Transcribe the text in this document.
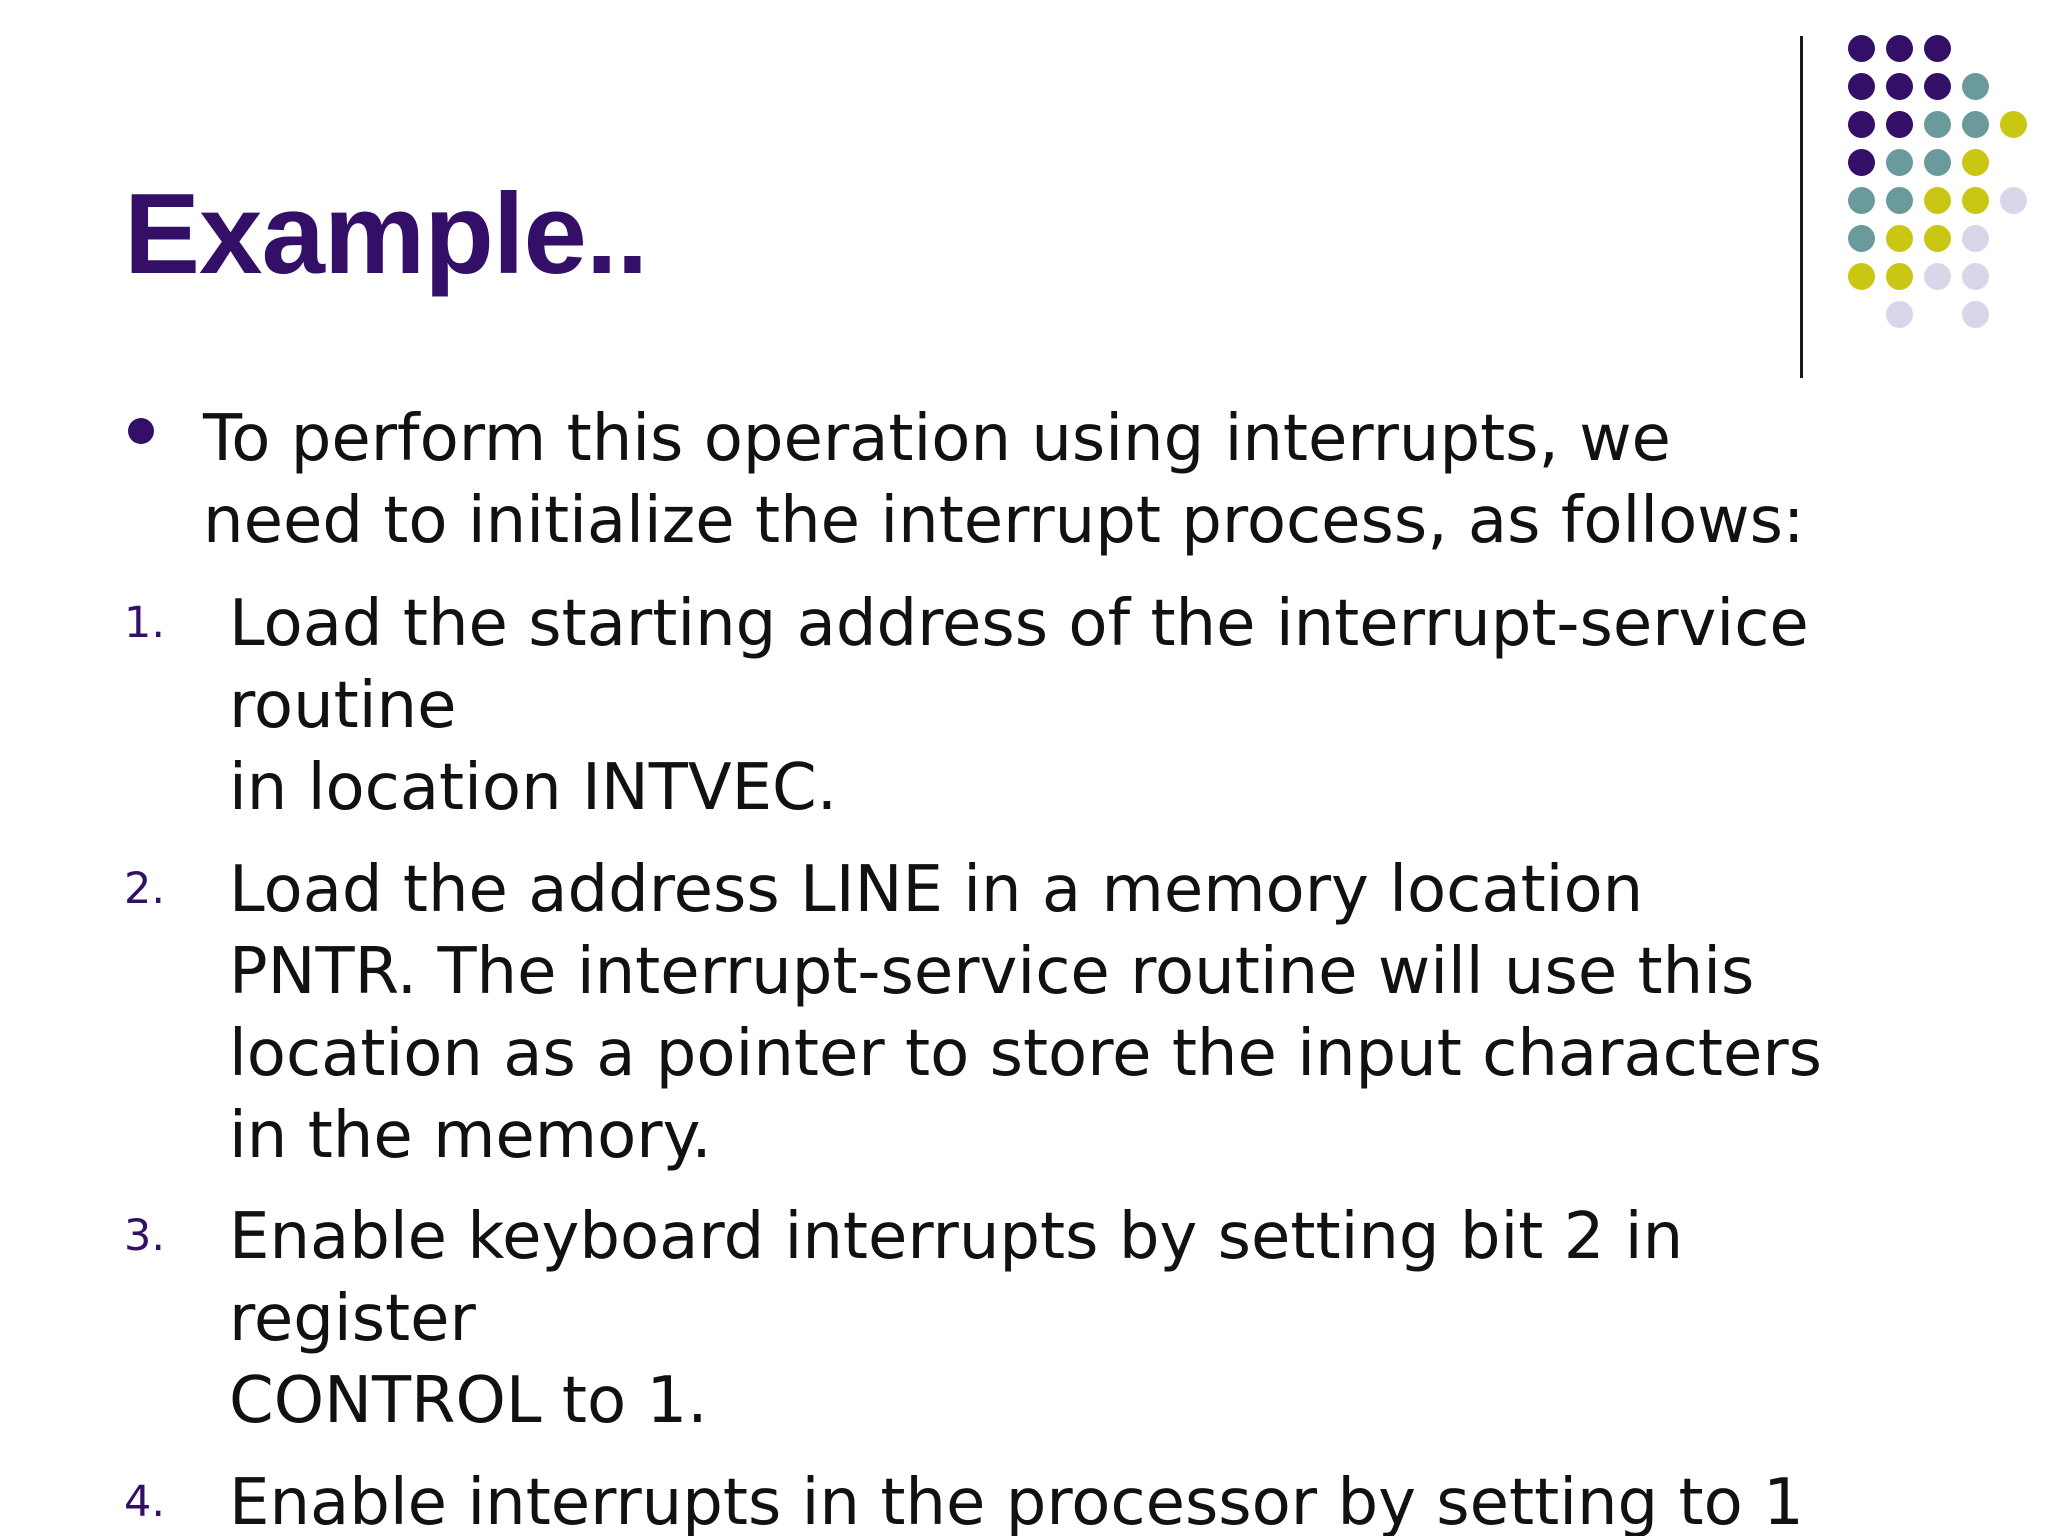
Example..

To perform this operation using interrupts, we
need to initialize the interrupt process, as follows:

1. Load the starting address of the interrupt-service
routine
in location INTVEC.

2. Load the address LINE in a memory location
PNTR. The interrupt-service routine will use this
location as a pointer to store the input characters
in the memory.

3. Enable keyboard interrupts by setting bit 2 in
register
CONTROL to 1.

4. Enable interrupts in the processor by setting to 1
